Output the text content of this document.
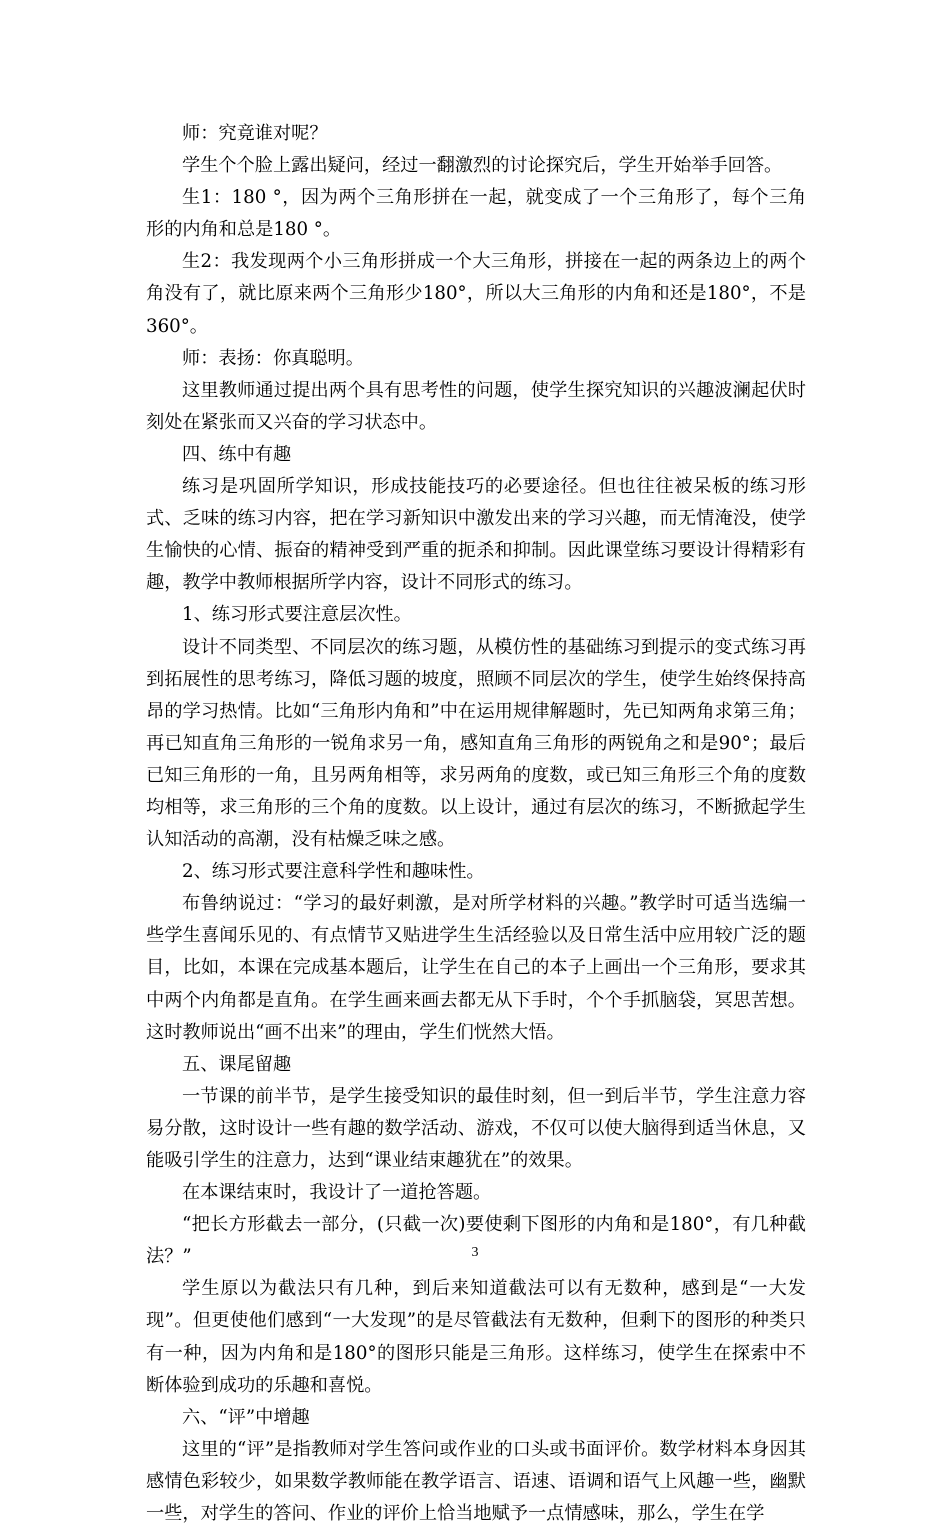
师：究竟谁对呢？

学生个个脸上露出疑问，经过一翻激烈的讨论探究后，学生开始举手回答。

生1：180 °，因为两个三角形拼在一起，就变成了一个三角形了，每个三角形的内角和总是180 °。

生2：我发现两个小三角形拼成一个大三角形，拼接在一起的两条边上的两个角没有了，就比原来两个三角形少180°，所以大三角形的内角和还是180°，不是360°。

师：表扬：你真聪明。

这里教师通过提出两个具有思考性的问题，使学生探究知识的兴趣波澜起伏时刻处在紧张而又兴奋的学习状态中。

四、练中有趣

练习是巩固所学知识，形成技能技巧的必要途径。但也往往被呆板的练习形式、乏味的练习内容，把在学习新知识中激发出来的学习兴趣，而无情淹没，使学生愉快的心情、振奋的精神受到严重的扼杀和抑制。因此课堂练习要设计得精彩有趣，教学中教师根据所学内容，设计不同形式的练习。

1、练习形式要注意层次性。

设计不同类型、不同层次的练习题，从模仿性的基础练习到提示的变式练习再到拓展性的思考练习，降低习题的坡度，照顾不同层次的学生，使学生始终保持高昂的学习热情。比如“三角形内角和”中在运用规律解题时，先已知两角求第三角；再已知直角三角形的一锐角求另一角，感知直角三角形的两锐角之和是90°；最后已知三角形的一角，且另两角相等，求另两角的度数，或已知三角形三个角的度数均相等，求三角形的三个角的度数。以上设计，通过有层次的练习，不断掀起学生认知活动的高潮，没有枯燥乏味之感。

2、练习形式要注意科学性和趣味性。

布鲁纳说过：“学习的最好刺激，是对所学材料的兴趣。”教学时可适当选编一些学生喜闻乐见的、有点情节又贴进学生生活经验以及日常生活中应用较广泛的题目，比如，本课在完成基本题后，让学生在自己的本子上画出一个三角形，要求其中两个内角都是直角。在学生画来画去都无从下手时，个个手抓脑袋，冥思苦想。这时教师说出“画不出来”的理由，学生们恍然大悟。

五、课尾留趣

一节课的前半节，是学生接受知识的最佳时刻，但一到后半节，学生注意力容易分散，这时设计一些有趣的数学活动、游戏，不仅可以使大脑得到适当休息，又能吸引学生的注意力，达到“课业结束趣犹在”的效果。

在本课结束时，我设计了一道抢答题。

“把长方形截去一部分，(只截一次)要使剩下图形的内角和是180°，有几种截法？”

学生原以为截法只有几种，到后来知道截法可以有无数种，感到是“一大发现”。但更使他们感到“一大发现”的是尽管截法有无数种，但剩下的图形的种类只有一种，因为内角和是180°的图形只能是三角形。这样练习，使学生在探索中不断体验到成功的乐趣和喜悦。

六、“评”中增趣

这里的“评”是指教师对学生答问或作业的口头或书面评价。数学材料本身因其感情色彩较少，如果数学教师能在教学语言、语速、语调和语气上风趣一些，幽默一些，对学生的答问、作业的评价上恰当地赋予一点情感味，那么，学生在学

3
